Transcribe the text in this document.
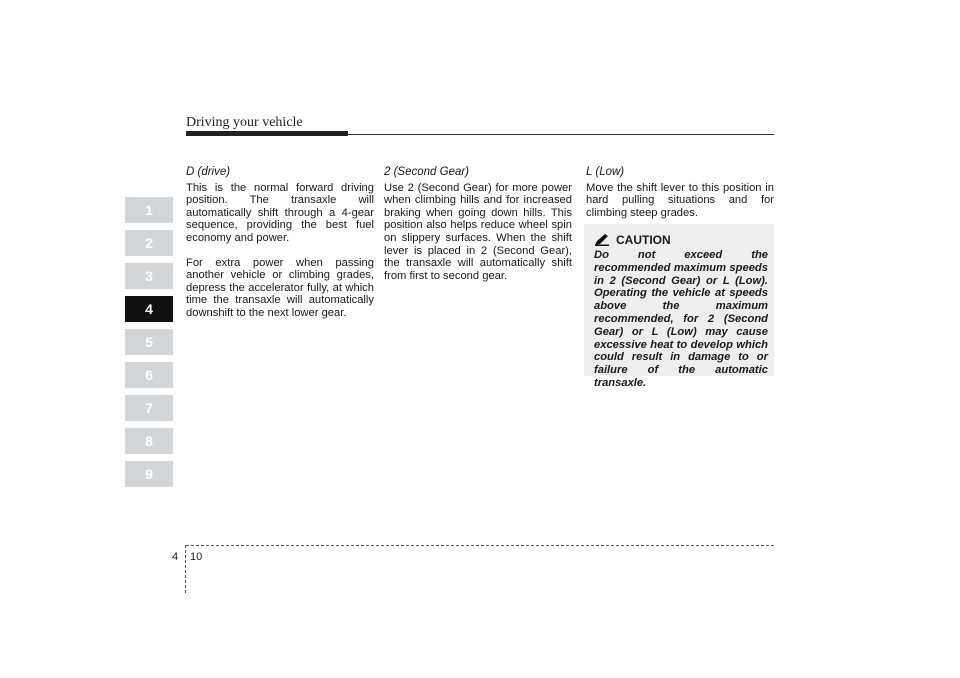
Driving your vehicle
1
2
3
4
5
6
7
8
9
D (drive)
This is the normal forward driving position. The transaxle will automatically shift through a 4-gear sequence, providing the best fuel economy and power.
For extra power when passing another vehicle or climbing grades, depress the accelerator fully, at which time the transaxle will automatically downshift to the next lower gear.
2 (Second Gear)
Use 2 (Second Gear) for more power when climbing hills and for increased braking when going down hills. This position also helps reduce wheel spin on slippery surfaces. When the shift lever is placed in 2 (Second Gear), the transaxle will automatically shift from first to second gear.
L (Low)
Move the shift lever to this position in hard pulling situations and for climbing steep grades.
CAUTION
Do not exceed the recommended maximum speeds in 2 (Second Gear) or L (Low). Operating the vehicle at speeds above the maximum recommended, for 2 (Second Gear) or L (Low) may cause excessive heat to develop which could result in damage to or failure of the automatic transaxle.
4 10
